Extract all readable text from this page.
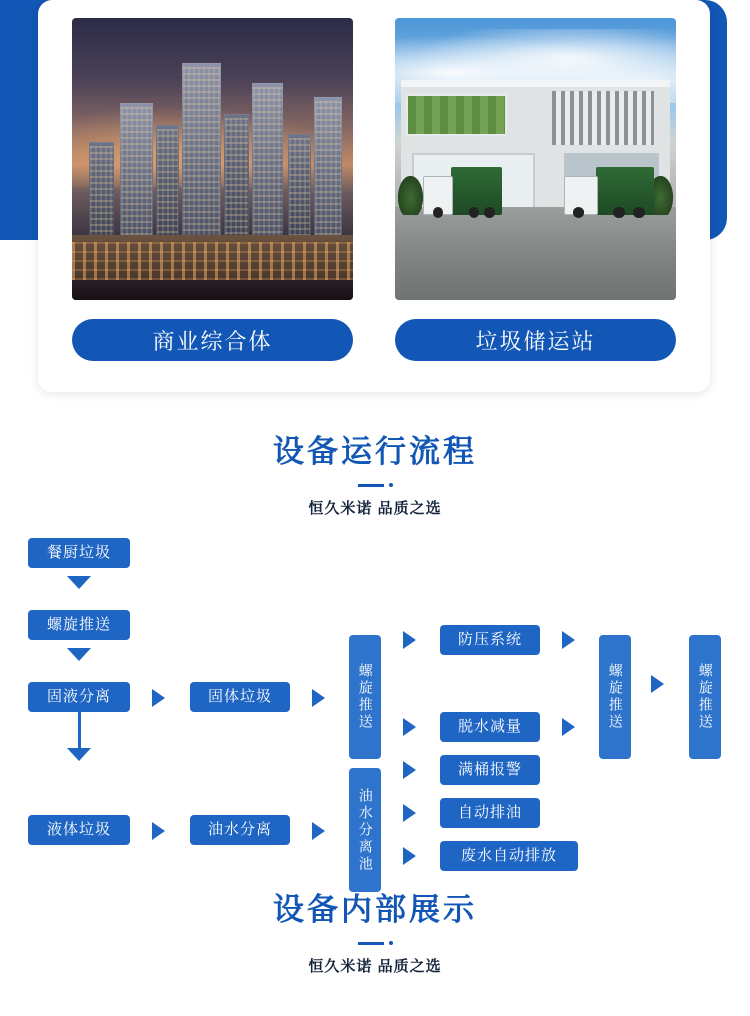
商业综合体	垃圾储运站
设备运行流程
恒久米诺 品质之选
餐厨垃圾
螺旋推送
固液分离
液体垃圾
固体垃圾
油水分离
螺旋推送
油水分离池
防压系统
脱水减量
满桶报警
自动排油
废水自动排放
螺旋推送	螺旋推送
设备内部展示
恒久米诺 品质之选
